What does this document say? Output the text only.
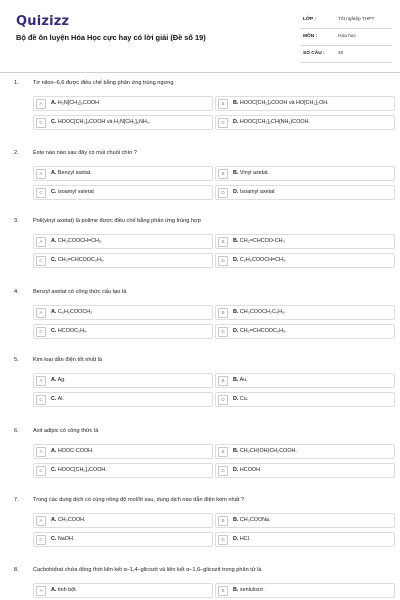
Quizizz
Bộ đề ôn luyện Hóa Học cực hay có lời giải (Đề số 19)
LỚP :	Tốt nghiệp THPT
MÔN :	Hóa học
SỐ CÂU :	40
1.	Tơ nilon–6,6 được điều chế bằng phản ứng trùng ngưng
A	A. H₂N[CH₂]₅COOH	B	B. HOOC[CH₂]₄COOH và HO[CH₂]₂OH.
C	C. HOOC[CH₂]₄COOH và H₂N[CH₂]₆NH₂.	D	D. HOOC[CH₂]₂CH(NH₂)COOH.
2.	Este nào nào sau đây có mùi chuối chín ?
A	A. Benzyl axetat.	B	B. Vinyl axetat.
C	C. isoamyl valerat	D	D. Isoamyl axetat
3.	Poli(vinyl axetat) là polime được điều chế bằng phản ứng trùng hợp
A	A. CH₃COOCH=CH₂.	B	B. CH₂=CHCOO-CH₃
C	C. CH₂=CHCOOC₂H₅.	D	D. C₂H₅COOCH=CH₂.
4.	Benzyl axetat có công thức cấu tạo là
A	A. C₆H₅COOCH₃	B	B. CH₃COOCH₂C₆H₅.
C	C. HCOOC₂H₅.	D	D. CH₂=CHCOOC₆H₅.
5.	Kim loại dẫn điện tốt nhất là
A	A. Ag.	B	B. Au.
C	C. Al.	D	D. Cu.
6.	Axit adipic có công thức là
A	A. HOOC-COOH.	B	B. CH₃CH(OH)CH₂COOH.
C	C. HOOC[CH₂]₄COOH.	D	D. HCOOH
7.	Trong các dung dịch có cùng nồng độ mol/lít sau, dung dịch nào dẫn điện kém nhất ?
A	A. CH₃COOH.	B	B. CH₃COONa.
C	C. NaOH.	D	D. HCl.
8.	Cacbohiđrat chứa đồng thời liên kết α–1,4–glicozit và liên kết α–1,6–glicozit trong phân tử là
A	A. tinh bột.	B	B. xenlulozơ.
